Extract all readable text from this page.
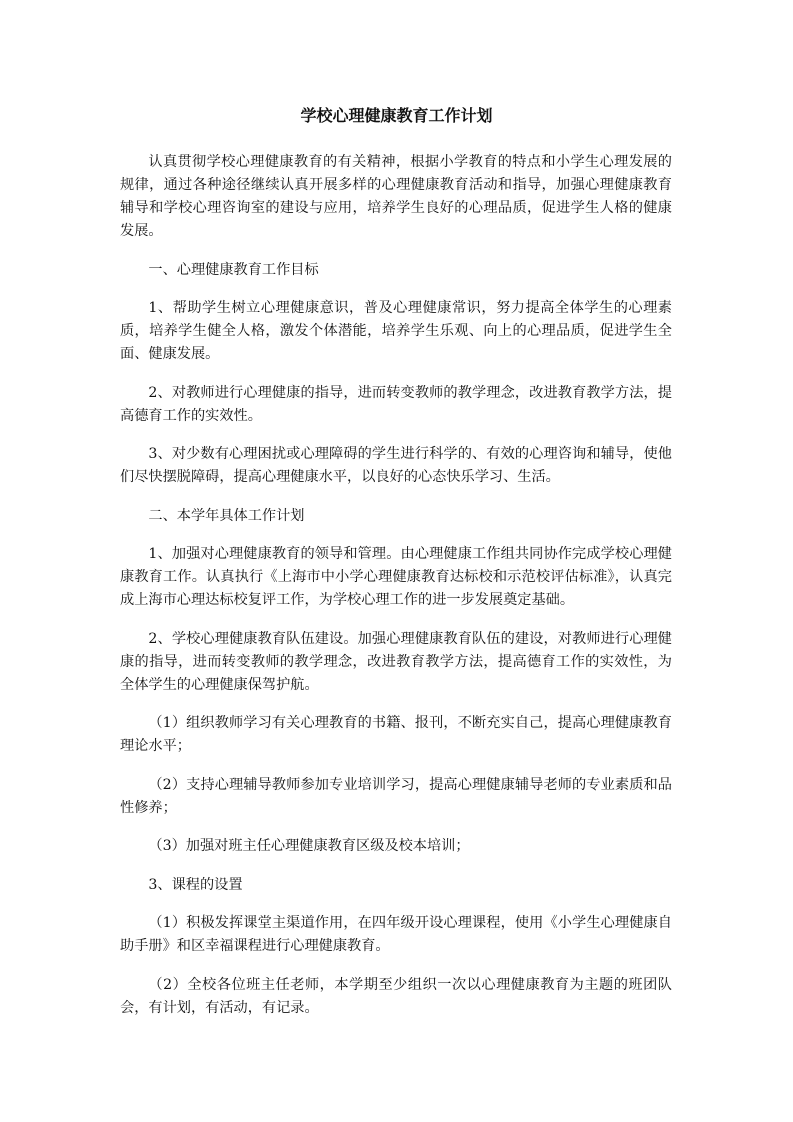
学校心理健康教育工作计划

认真贯彻学校心理健康教育的有关精神，根据小学教育的特点和小学生心理发展的规律，通过各种途径继续认真开展多样的心理健康教育活动和指导，加强心理健康教育辅导和学校心理咨询室的建设与应用，培养学生良好的心理品质，促进学生人格的健康发展。

一、心理健康教育工作目标

1、帮助学生树立心理健康意识，普及心理健康常识，努力提高全体学生的心理素质，培养学生健全人格，激发个体潜能，培养学生乐观、向上的心理品质，促进学生全面、健康发展。

2、对教师进行心理健康的指导，进而转变教师的教学理念，改进教育教学方法，提高德育工作的实效性。

3、对少数有心理困扰或心理障碍的学生进行科学的、有效的心理咨询和辅导，使他们尽快摆脱障碍，提高心理健康水平，以良好的心态快乐学习、生活。

二、本学年具体工作计划

1、加强对心理健康教育的领导和管理。由心理健康工作组共同协作完成学校心理健康教育工作。认真执行《上海市中小学心理健康教育达标校和示范校评估标准》，认真完成上海市心理达标校复评工作，为学校心理工作的进一步发展奠定基础。

2、学校心理健康教育队伍建设。加强心理健康教育队伍的建设，对教师进行心理健康的指导，进而转变教师的教学理念，改进教育教学方法，提高德育工作的实效性，为全体学生的心理健康保驾护航。

（1）组织教师学习有关心理教育的书籍、报刊，不断充实自己，提高心理健康教育理论水平；

（2）支持心理辅导教师参加专业培训学习，提高心理健康辅导老师的专业素质和品性修养；

（3）加强对班主任心理健康教育区级及校本培训；

3、课程的设置

（1）积极发挥课堂主渠道作用，在四年级开设心理课程，使用《小学生心理健康自助手册》和区幸福课程进行心理健康教育。

（2）全校各位班主任老师，本学期至少组织一次以心理健康教育为主题的班团队会，有计划，有活动，有记录。
